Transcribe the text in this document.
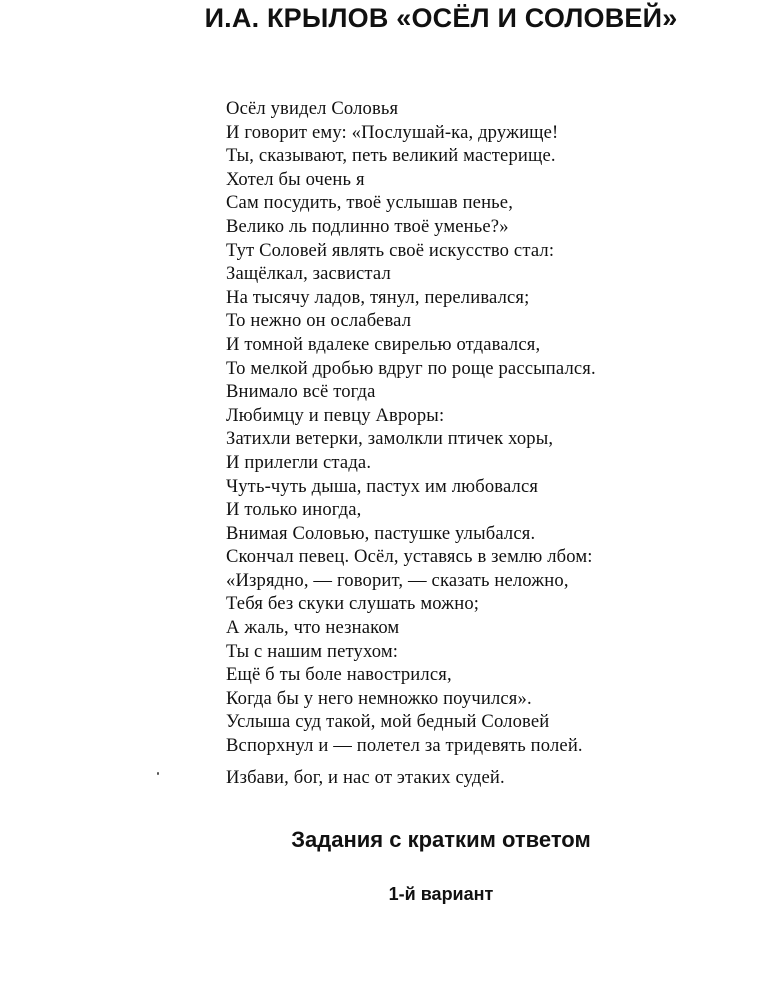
И.А. КРЫЛОВ «ОСЁЛ И СОЛОВЕЙ»
Осёл увидел Соловья
И говорит ему: «Послушай-ка, дружище!
Ты, сказывают, петь великий мастерище.
Хотел бы очень я
Сам посудить, твоё услышав пенье,
Велико ль подлинно твоё уменье?»
Тут Соловей являть своё искусство стал:
Защёлкал, засвистал
На тысячу ладов, тянул, переливался;
То нежно он ослабевал
И томной вдалеке свирелью отдавался,
То мелкой дробью вдруг по роще рассыпался.
Внимало всё тогда
Любимцу и певцу Авроры:
Затихли ветерки, замолкли птичек хоры,
И прилегли стада.
Чуть-чуть дыша, пастух им любовался
И только иногда,
Внимая Соловью, пастушке улыбался.
Скончал певец. Осёл, уставясь в землю лбом:
«Изрядно, — говорит, — сказать неложно,
Тебя без скуки слушать можно;
А жаль, что незнаком
Ты с нашим петухом:
Ещё б ты боле навострился,
Когда бы у него немножко поучился».
Услыша суд такой, мой бедный Соловей
Вспорхнул и — полетел за тридевять полей.
Избави, бог, и нас от этаких судей.
Задания с кратким ответом
1-й вариант
